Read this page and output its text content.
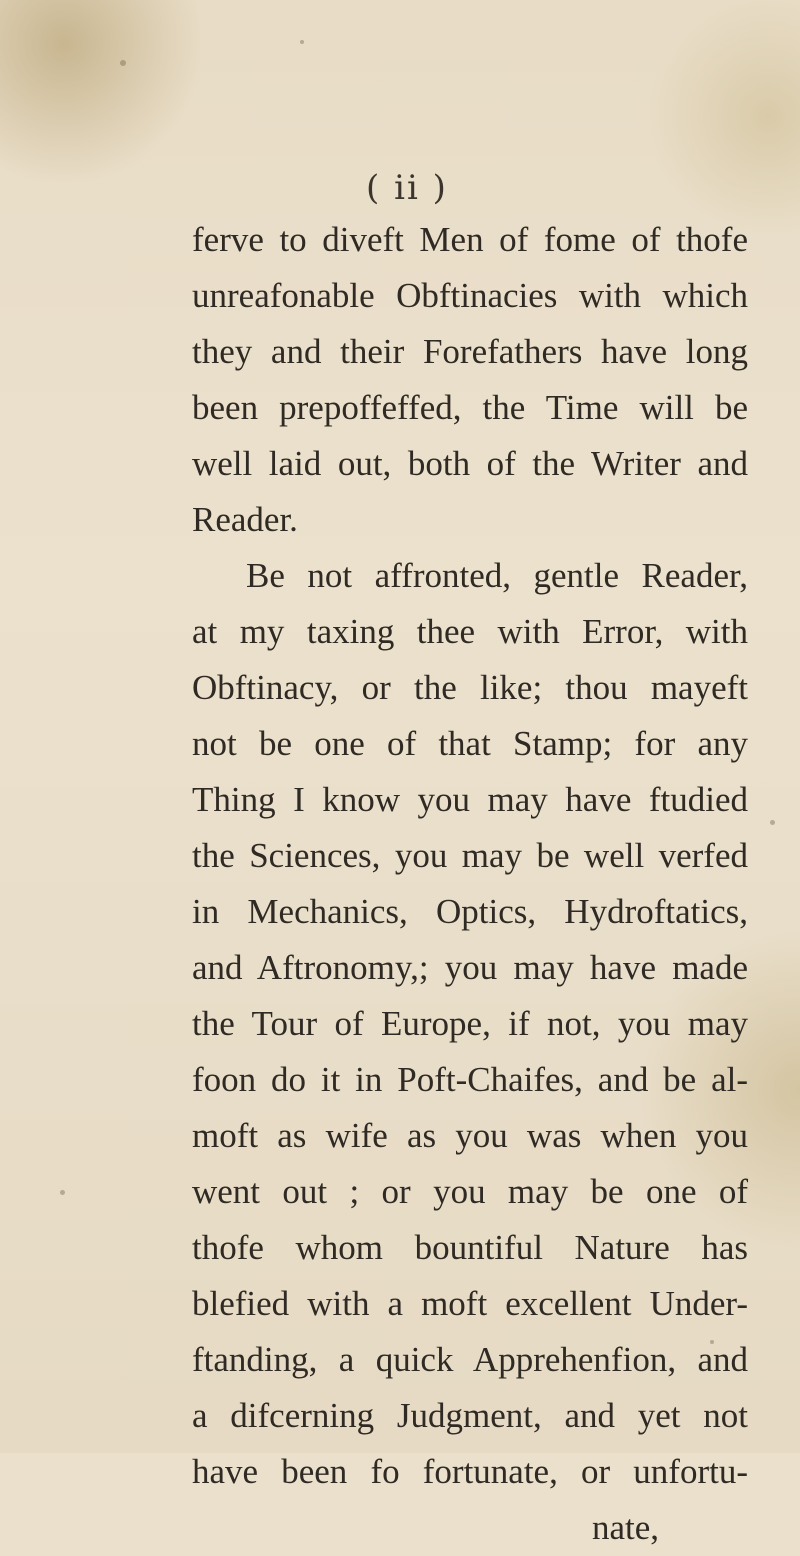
( ii )
ferve to diveft Men of fome of thofe
unreafonable Obftinacies with which
they and their Forefathers have long
been prepoffeffed, the Time will be
well laid out, both of the Writer and
Reader.
Be not affronted, gentle Reader,
at my taxing thee with Error, with
Obftinacy, or the like; thou mayeft
not be one of that Stamp; for any
Thing I know you may have ftudied
the Sciences, you may be well verfed
in Mechanics, Optics, Hydroftatics,
and Aftronomy,; you may have made
the Tour of Europe, if not, you may
foon do it in Poft-Chaifes, and be al-
moft as wife as you was when you
went out ; or you may be one of
thofe whom bountiful Nature has
blefied with a moft excellent Under-
ftanding, a quick Apprehenfion, and
a difcerning Judgment, and yet not
have been fo fortunate, or unfortu-
nate,
